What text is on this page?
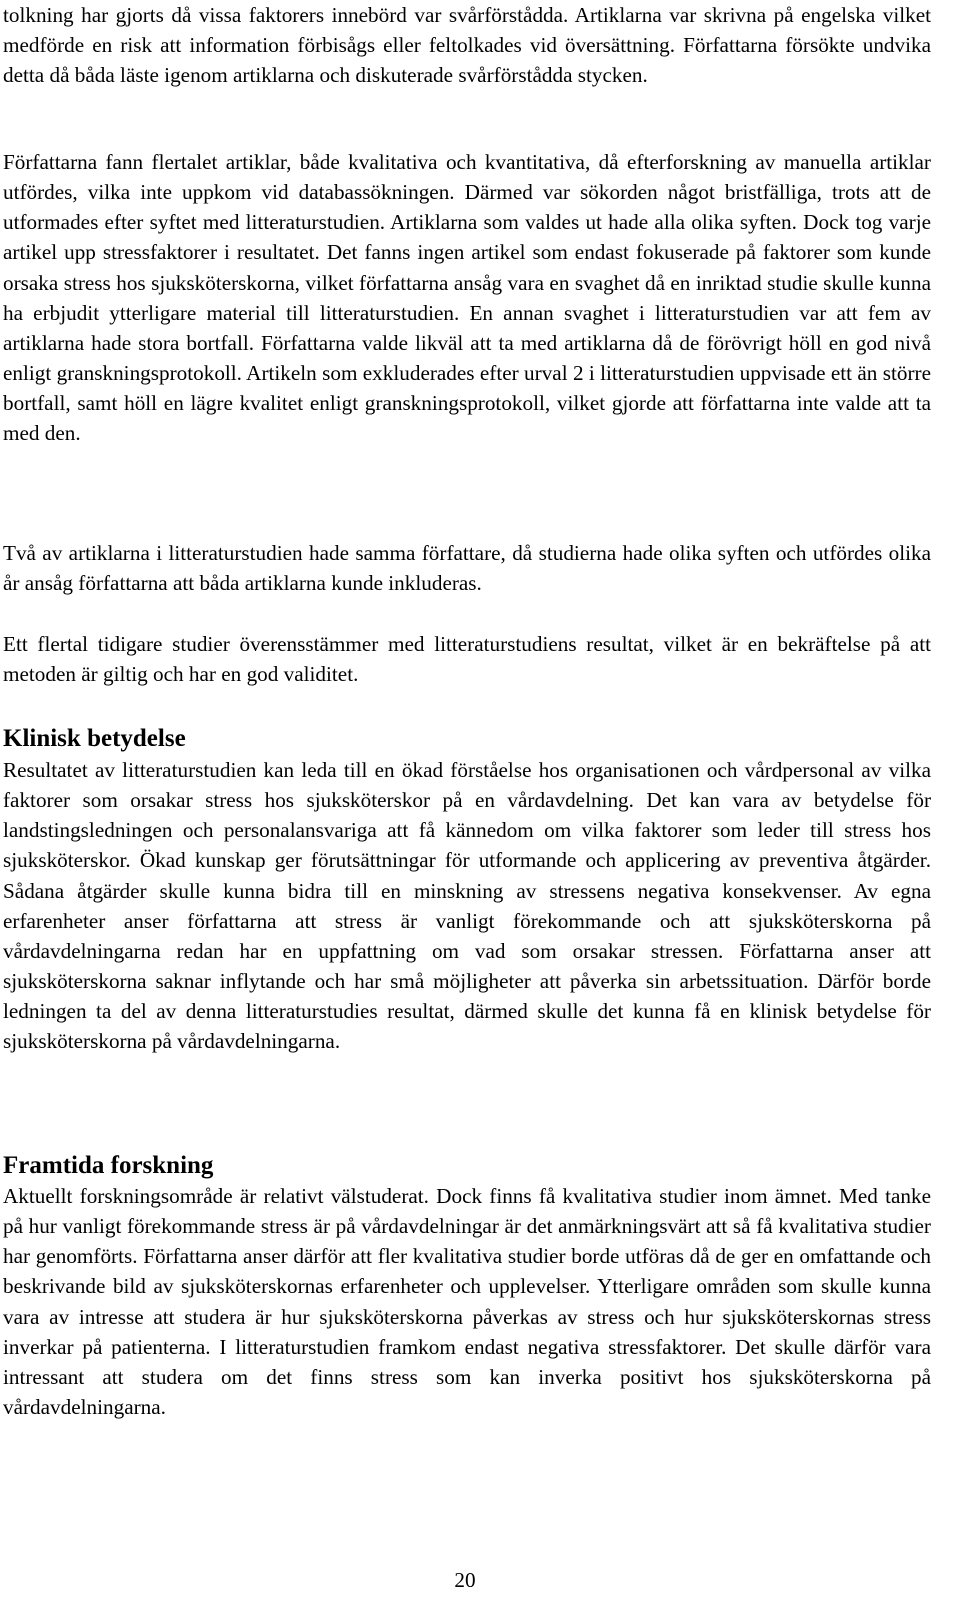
tolkning har gjorts då vissa faktorers innebörd var svårförstådda. Artiklarna var skrivna på engelska vilket medförde en risk att information förbisågs eller feltolkades vid översättning. Författarna försökte undvika detta då båda läste igenom artiklarna och diskuterade svårförstådda stycken.

Författarna fann flertalet artiklar, både kvalitativa och kvantitativa, då efterforskning av manuella artiklar utfördes, vilka inte uppkom vid databassökningen. Därmed var sökorden något bristfälliga, trots att de utformades efter syftet med litteraturstudien. Artiklarna som valdes ut hade alla olika syften. Dock tog varje artikel upp stressfaktorer i resultatet. Det fanns ingen artikel som endast fokuserade på faktorer som kunde orsaka stress hos sjuksköterskorna, vilket författarna ansåg vara en svaghet då en inriktad studie skulle kunna ha erbjudit ytterligare material till litteraturstudien. En annan svaghet i litteraturstudien var att fem av artiklarna hade stora bortfall. Författarna valde likväl att ta med artiklarna då de förövrigt höll en god nivå enligt granskningsprotokoll. Artikeln som exkluderades efter urval 2 i litteraturstudien uppvisade ett än större bortfall, samt höll en lägre kvalitet enligt granskningsprotokoll, vilket gjorde att författarna inte valde att ta med den.

Två av artiklarna i litteraturstudien hade samma författare, då studierna hade olika syften och utfördes olika år ansåg författarna att båda artiklarna kunde inkluderas.

Ett flertal tidigare studier överensstämmer med litteraturstudiens resultat, vilket är en bekräftelse på att metoden är giltig och har en god validitet.

Klinisk betydelse

Resultatet av litteraturstudien kan leda till en ökad förståelse hos organisationen och vårdpersonal av vilka faktorer som orsakar stress hos sjuksköterskor på en vårdavdelning. Det kan vara av betydelse för landstingsledningen och personalansvariga att få kännedom om vilka faktorer som leder till stress hos sjuksköterskor. Ökad kunskap ger förutsättningar för utformande och applicering av preventiva åtgärder. Sådana åtgärder skulle kunna bidra till en minskning av stressens negativa konsekvenser. Av egna erfarenheter anser författarna att stress är vanligt förekommande och att sjuksköterskorna på vårdavdelningarna redan har en uppfattning om vad som orsakar stressen. Författarna anser att sjuksköterskorna saknar inflytande och har små möjligheter att påverka sin arbetssituation. Därför borde ledningen ta del av denna litteraturstudies resultat, därmed skulle det kunna få en klinisk betydelse för sjuksköterskorna på vårdavdelningarna.

Framtida forskning

Aktuellt forskningsområde är relativt välstuderat. Dock finns få kvalitativa studier inom ämnet. Med tanke på hur vanligt förekommande stress är på vårdavdelningar är det anmärkningsvärt att så få kvalitativa studier har genomförts. Författarna anser därför att fler kvalitativa studier borde utföras då de ger en omfattande och beskrivande bild av sjuksköterskornas erfarenheter och upplevelser. Ytterligare områden som skulle kunna vara av intresse att studera är hur sjuksköterskorna påverkas av stress och hur sjuksköterskornas stress inverkar på patienterna. I litteraturstudien framkom endast negativa stressfaktorer. Det skulle därför vara intressant att studera om det finns stress som kan inverka positivt hos sjuksköterskorna på vårdavdelningarna.

20
